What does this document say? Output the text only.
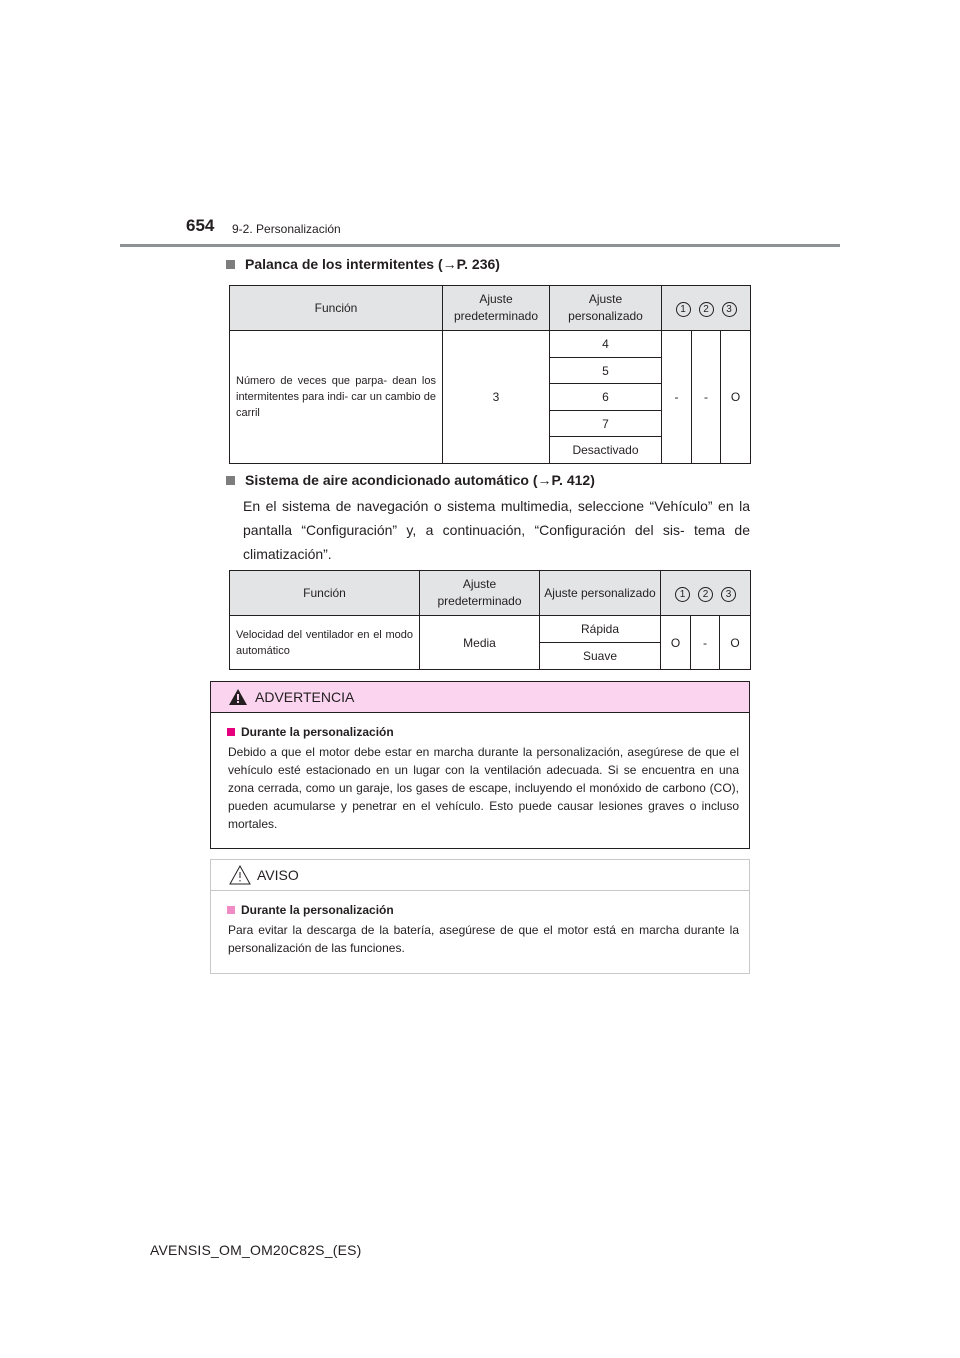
654 9-2. Personalización
Palanca de los intermitentes (→P. 236)
Función	Ajuste predeterminado	Ajuste personalizado	1 2 3		
Número de veces que parpa- dean los intermitentes para indi- car un cambio de carril	3	4	-	-	O
		5			
		6			
		7			
		Desactivado			
Sistema de aire acondicionado automático (→P. 412)
En el sistema de navegación o sistema multimedia, seleccione “Vehículo” en la pantalla “Configuración” y, a continuación, “Configuración del sis- tema de climatización”.
Función	Ajuste predeterminado	Ajuste personalizado	1 2 3		
Velocidad del ventilador en el modo automático	Media	Rápida	O	-	O
		Suave			
ADVERTENCIA
Durante la personalización
Debido a que el motor debe estar en marcha durante la personalización, asegúrese de que el vehículo esté estacionado en un lugar con la ventilación adecuada. Si se encuentra en una zona cerrada, como un garaje, los gases de escape, incluyendo el monóxido de carbono (CO), pueden acumularse y penetrar en el vehículo. Esto puede causar lesiones graves o incluso mortales.
AVISO
Durante la personalización
Para evitar la descarga de la batería, asegúrese de que el motor está en marcha durante la personalización de las funciones.
AVENSIS_OM_OM20C82S_(ES)
